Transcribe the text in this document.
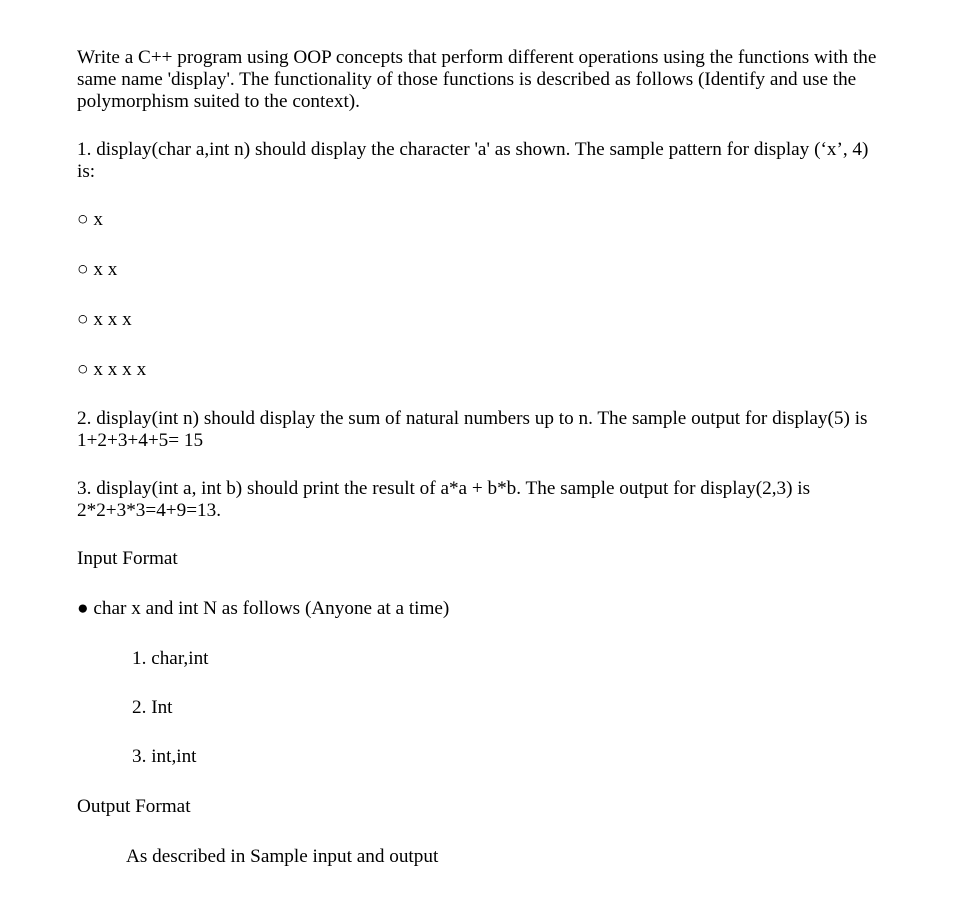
Write a C++ program using OOP concepts that perform different operations using the functions with the same name 'display'. The functionality of those functions is described as follows (Identify and use the polymorphism suited to the context).

1. display(char a,int n) should display the character 'a' as shown. The sample pattern for display (‘x’, 4) is:

○ x

○ x x

○ x x x

○ x x x x

2. display(int n) should display the sum of natural numbers up to n. The sample output for display(5) is 1+2+3+4+5= 15

3. display(int a, int b) should print the result of a*a + b*b. The sample output for display(2,3) is 2*2+3*3=4+9=13.

Input Format

● char x and int N as follows (Anyone at a time)

1. char,int

2. Int

3. int,int

Output Format

As described in Sample input and output
